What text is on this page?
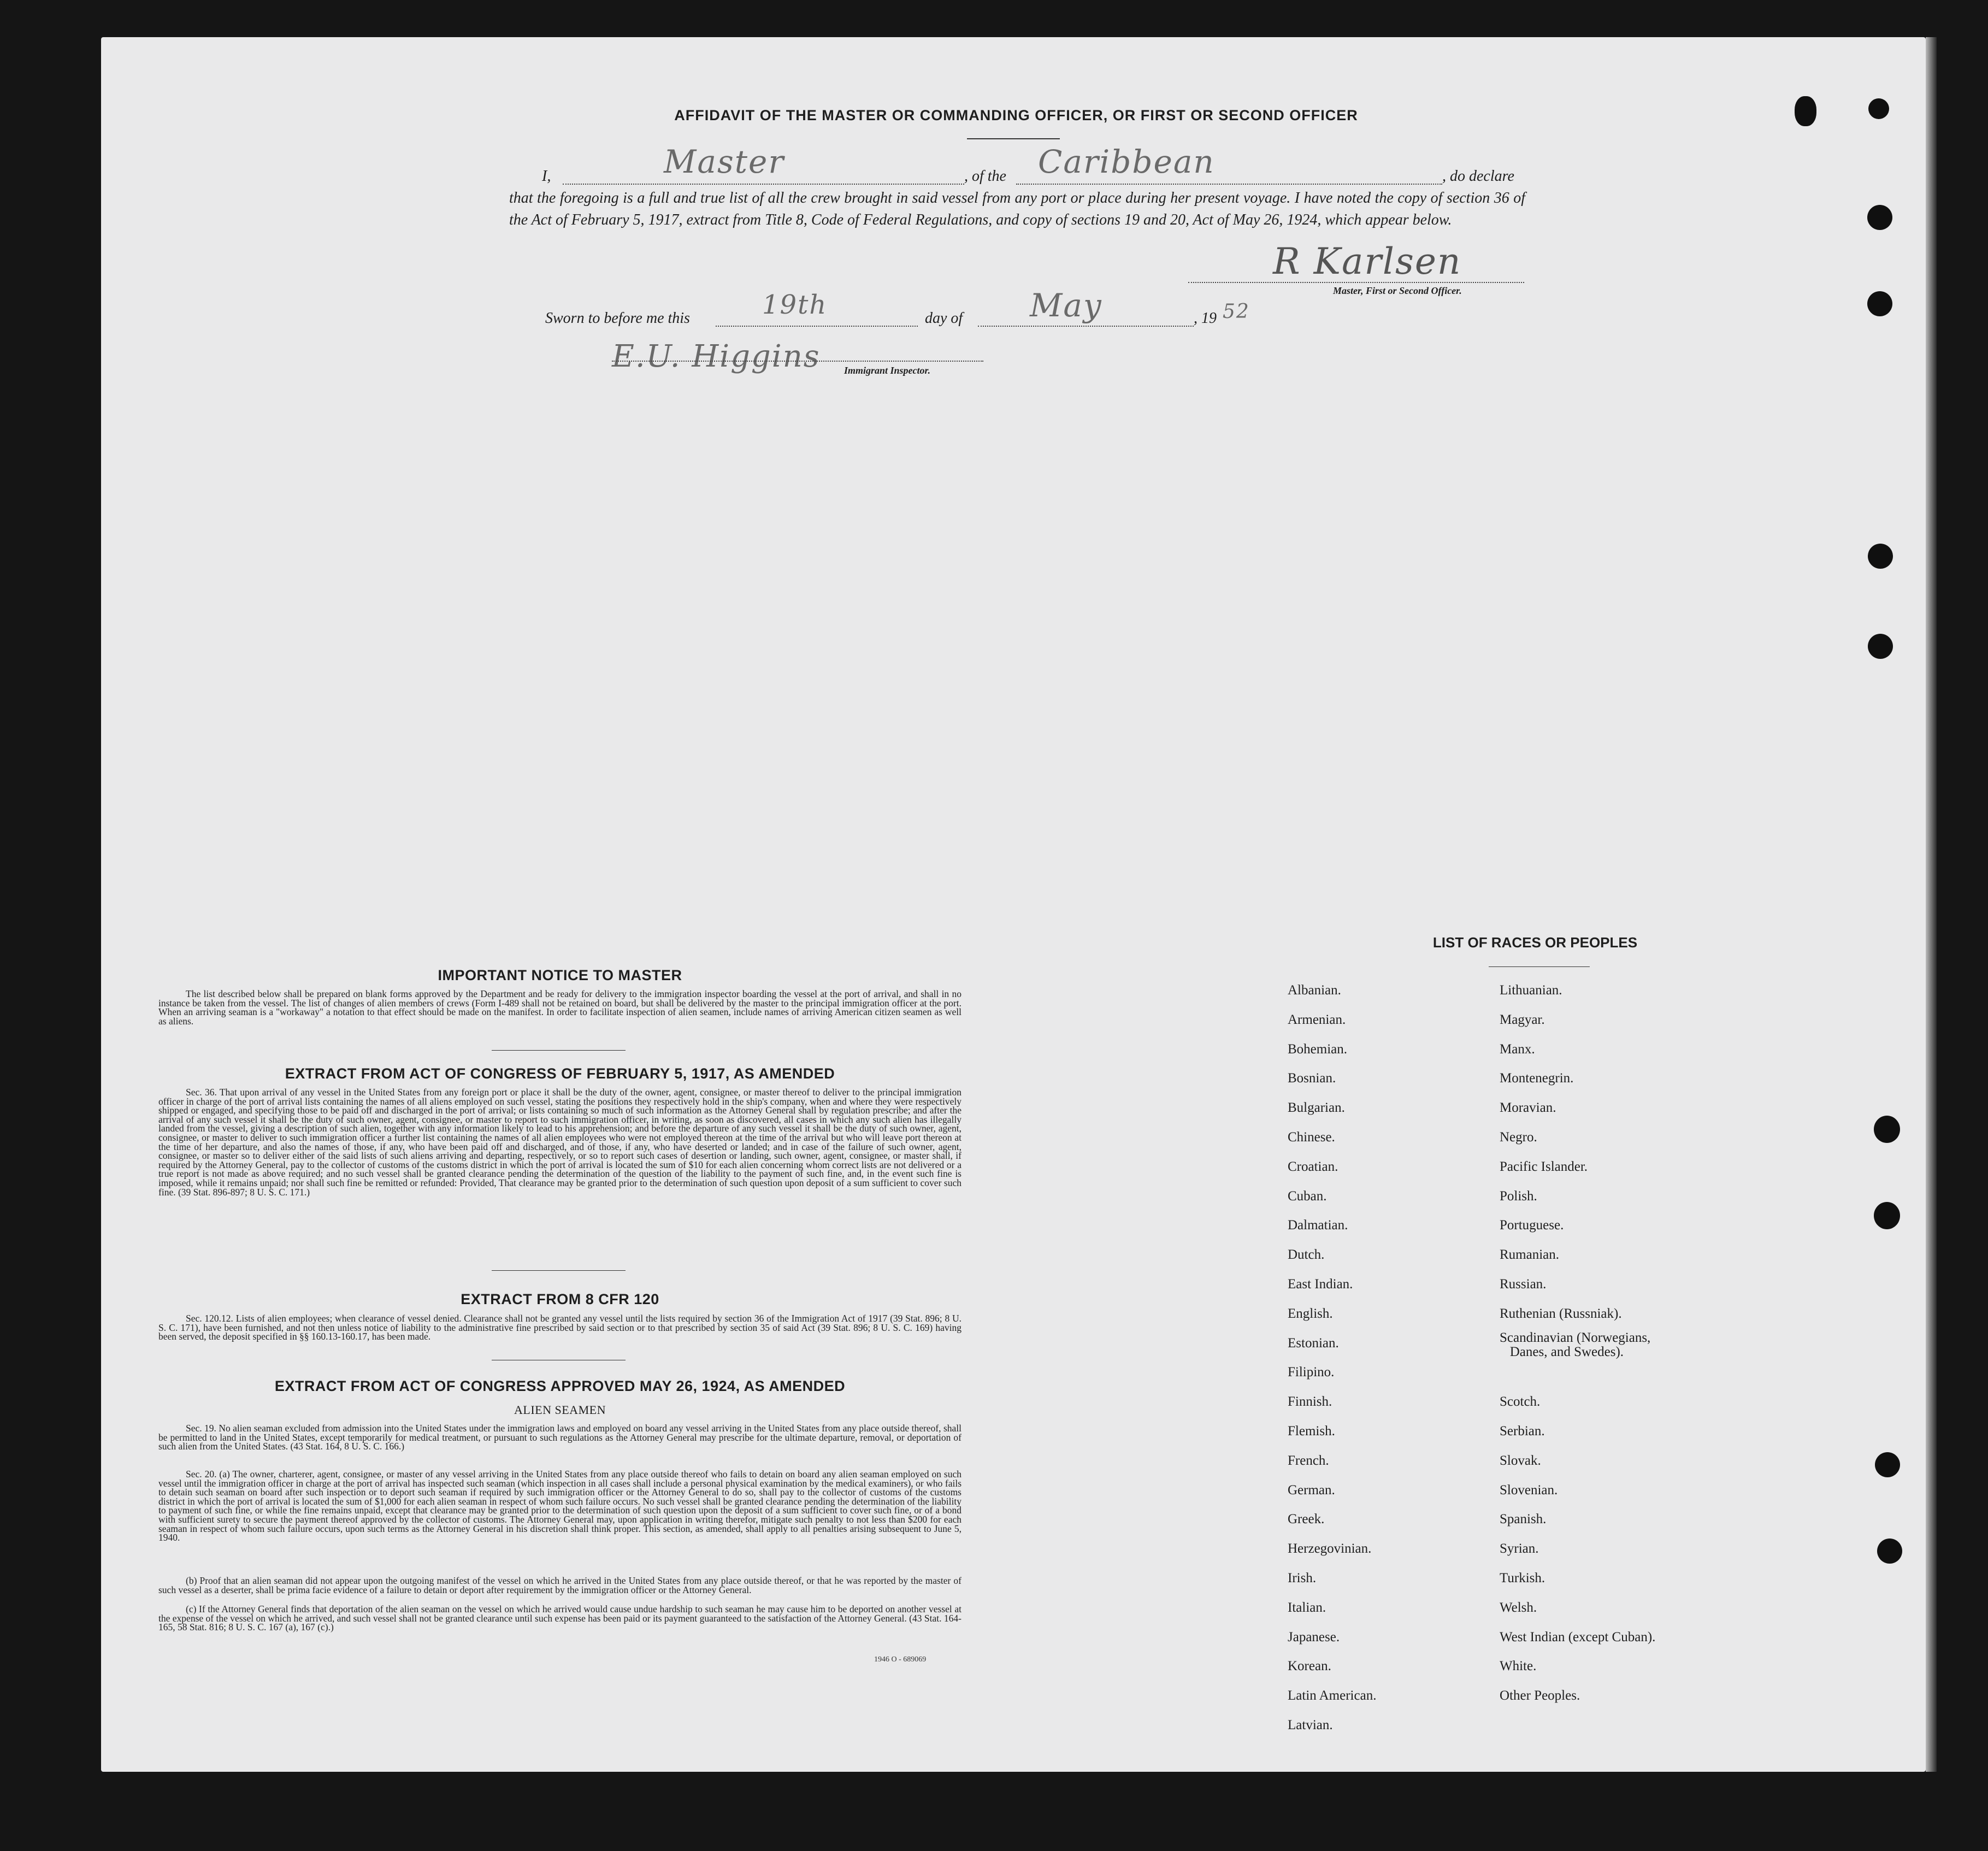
AFFIDAVIT OF THE MASTER OR COMMANDING OFFICER, OR FIRST OR SECOND OFFICER
I,	Master	, of the Caribbean	, do declare
that the foregoing is a full and true list of all the crew brought in said vessel from any port or place during her present voyage. I have noted the copy of section 36 of the Act of February 5, 1917, extract from Title 8, Code of Federal Regulations, and copy of sections 19 and 20, Act of May 26, 1924, which appear below.
R Karlsen
Master, First or Second Officer.
Sworn to before me this	19th	day of May	, 19 52
E.U. Higgins Immigrant Inspector.
IMPORTANT NOTICE TO MASTER
The list described below shall be prepared on blank forms approved by the Department and be ready for delivery to the immigration inspector boarding the vessel at the port of arrival, and shall in no instance be taken from the vessel. The list of changes of alien members of crews (Form I-489 shall not be retained on board, but shall be delivered by the master to the principal immigration officer at the port. When an arriving seaman is a "workaway" a notation to that effect should be made on the manifest. In order to facilitate inspection of alien seamen, include names of arriving American citizen seamen as well as aliens.
EXTRACT FROM ACT OF CONGRESS OF FEBRUARY 5, 1917, AS AMENDED
Sec. 36. That upon arrival of any vessel in the United States from any foreign port or place it shall be the duty of the owner, agent, consignee, or master thereof to deliver to the principal immigration officer in charge of the port of arrival lists containing the names of all aliens employed on such vessel, stating the positions they respectively hold in the ship's company, when and where they were respectively shipped or engaged, and specifying those to be paid off and discharged in the port of arrival; or lists containing so much of such information as the Attorney General shall by regulation prescribe; and after the arrival of any such vessel it shall be the duty of such owner, agent, consignee, or master to report to such immigration officer, in writing, as soon as discovered, all cases in which any such alien has illegally landed from the vessel, giving a description of such alien, together with any information likely to lead to his apprehension; and before the departure of any such vessel it shall be the duty of such owner, agent, consignee, or master to deliver to such immigration officer a further list containing the names of all alien employees who were not employed thereon at the time of the arrival but who will leave port thereon at the time of her departure, and also the names of those, if any, who have been paid off and discharged, and of those, if any, who have deserted or landed; and in case of the failure of such owner, agent, consignee, or master so to deliver either of the said lists of such aliens arriving and departing, respectively, or so to report such cases of desertion or landing, such owner, agent, consignee, or master shall, if required by the Attorney General, pay to the collector of customs of the customs district in which the port of arrival is located the sum of $10 for each alien concerning whom correct lists are not delivered or a true report is not made as above required; and no such vessel shall be granted clearance pending the determination of the question of the liability to the payment of such fine, and, in the event such fine is imposed, while it remains unpaid; nor shall such fine be remitted or refunded: Provided, That clearance may be granted prior to the determination of such question upon deposit of a sum sufficient to cover such fine. (39 Stat. 896-897; 8 U. S. C. 171.)
EXTRACT FROM 8 CFR 120
Sec. 120.12. Lists of alien employees; when clearance of vessel denied. Clearance shall not be granted any vessel until the lists required by section 36 of the Immigration Act of 1917 (39 Stat. 896; 8 U. S. C. 171), have been furnished, and not then unless notice of liability to the administrative fine prescribed by said section or to that prescribed by section 35 of said Act (39 Stat. 896; 8 U. S. C. 169) having been served, the deposit specified in §§ 160.13-160.17, has been made.
EXTRACT FROM ACT OF CONGRESS APPROVED MAY 26, 1924, AS AMENDED
ALIEN SEAMEN
Sec. 19. No alien seaman excluded from admission into the United States under the immigration laws and employed on board any vessel arriving in the United States from any place outside thereof, shall be permitted to land in the United States, except temporarily for medical treatment, or pursuant to such regulations as the Attorney General may prescribe for the ultimate departure, removal, or deportation of such alien from the United States. (43 Stat. 164, 8 U. S. C. 166.)
Sec. 20. (a) The owner, charterer, agent, consignee, or master of any vessel arriving in the United States from any place outside thereof who fails to detain on board any alien seaman employed on such vessel until the immigration officer in charge at the port of arrival has inspected such seaman (which inspection in all cases shall include a personal physical examination by the medical examiners), or who fails to detain such seaman on board after such inspection or to deport such seaman if required by such immigration officer or the Attorney General to do so, shall pay to the collector of customs of the customs district in which the port of arrival is located the sum of $1,000 for each alien seaman in respect of whom such failure occurs. No such vessel shall be granted clearance pending the determination of the liability to payment of such fine, or while the fine remains unpaid, except that clearance may be granted prior to the determination of such question upon the deposit of a sum sufficient to cover such fine, or of a bond with sufficient surety to secure the payment thereof approved by the collector of customs. The Attorney General may, upon application in writing therefor, mitigate such penalty to not less than $200 for each seaman in respect of whom such failure occurs, upon such terms as the Attorney General in his discretion shall think proper. This section, as amended, shall apply to all penalties arising subsequent to June 5, 1940.
(b) Proof that an alien seaman did not appear upon the outgoing manifest of the vessel on which he arrived in the United States from any place outside thereof, or that he was reported by the master of such vessel as a deserter, shall be prima facie evidence of a failure to detain or deport after requirement by the immigration officer or the Attorney General.
(c) If the Attorney General finds that deportation of the alien seaman on the vessel on which he arrived would cause undue hardship to such seaman he may cause him to be deported on another vessel at the expense of the vessel on which he arrived, and such vessel shall not be granted clearance until such expense has been paid or its payment guaranteed to the satisfaction of the Attorney General. (43 Stat. 164-165, 58 Stat. 816; 8 U. S. C. 167 (a), 167 (c).)
1946 O - 689069
LIST OF RACES OR PEOPLES
Albanian.
Armenian.
Bohemian.
Bosnian.
Bulgarian.
Chinese.
Croatian.
Cuban.
Dalmatian.
Dutch.
East Indian.
English.
Estonian.
Filipino.
Finnish.
Flemish.
French.
German.
Greek.
Herzegovinian.
Irish.
Italian.
Japanese.
Korean.
Latin American.
Latvian.
Lithuanian.
Magyar.
Manx.
Montenegrin.
Moravian.
Negro.
Pacific Islander.
Polish.
Portuguese.
Rumanian.
Russian.
Ruthenian (Russniak).
Scandinavian (Norwegians,
Danes, and Swedes).
Scotch.
Serbian.
Slovak.
Slovenian.
Spanish.
Syrian.
Turkish.
Welsh.
West Indian (except Cuban).
White.
Other Peoples.
